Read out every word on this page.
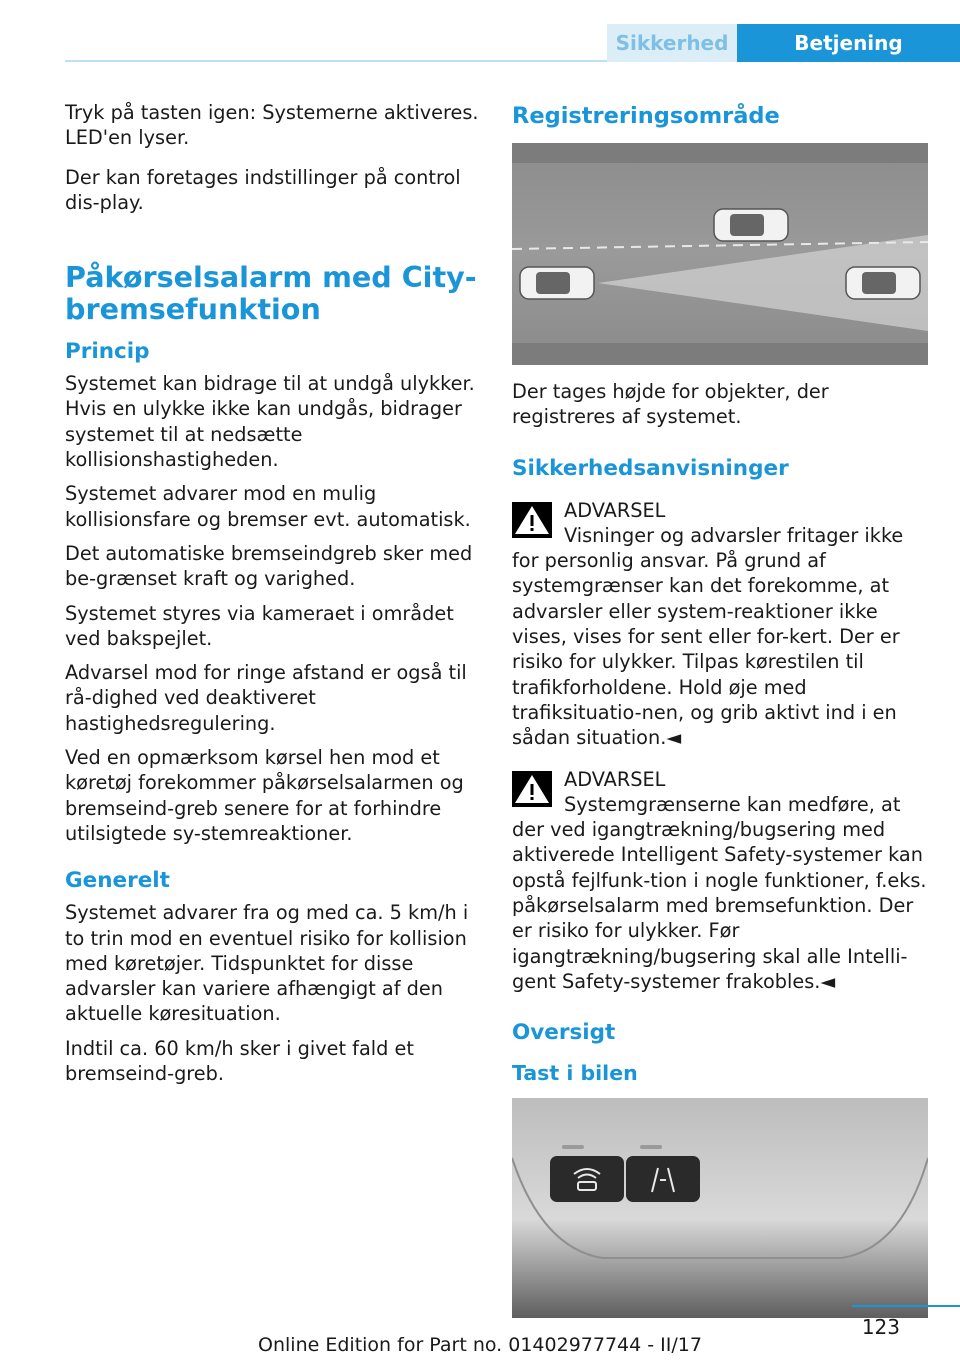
Sikkerhed	Betjening

Tryk på tasten igen: Systemerne aktiveres. LED'en lyser.

Der kan foretages indstillinger på control dis-play.

Påkørselsalarm med City-bremsefunktion
Princip

Systemet kan bidrage til at undgå ulykker. Hvis en ulykke ikke kan undgås, bidrager systemet til at nedsætte kollisionshastigheden.

Systemet advarer mod en mulig kollisionsfare og bremser evt. automatisk.

Det automatiske bremseindgreb sker med be-grænset kraft og varighed.

Systemet styres via kameraet i området ved bakspejlet.

Advarsel mod for ringe afstand er også til rå-dighed ved deaktiveret hastighedsregulering.

Ved en opmærksom kørsel hen mod et køretøj forekommer påkørselsalarmen og bremseind-greb senere for at forhindre utilsigtede sy-stemreaktioner.

Generelt

Systemet advarer fra og med ca. 5 km/h i to trin mod en eventuel risiko for kollision med køretøjer. Tidspunktet for disse advarsler kan variere afhængigt af den aktuelle køresituation.

Indtil ca. 60 km/h sker i givet fald et bremseind-greb.

Registreringsområde

Der tages højde for objekter, der registreres af systemet.

Sikkerhedsanvisninger
ADVARSEL
Visninger og advarsler fritager ikke for personlig ansvar. På grund af systemgrænser kan det forekomme, at advarsler eller system-reaktioner ikke vises, vises for sent eller for-kert. Der er risiko for ulykker. Tilpas kørestilen til trafikforholdene. Hold øje med trafiksituatio-nen, og grib aktivt ind i en sådan situation.◄
ADVARSEL
Systemgrænserne kan medføre, at der ved igangtrækning/bugsering med aktiverede Intelligent Safety-systemer kan opstå fejlfunk-tion i nogle funktioner, f.eks. påkørselsalarm med bremsefunktion. Der er risiko for ulykker. Før igangtrækning/bugsering skal alle Intelli-gent Safety-systemer frakobles.◄
Oversigt
Tast i bilen
123
Online Edition for Part no. 01402977744 - II/17
